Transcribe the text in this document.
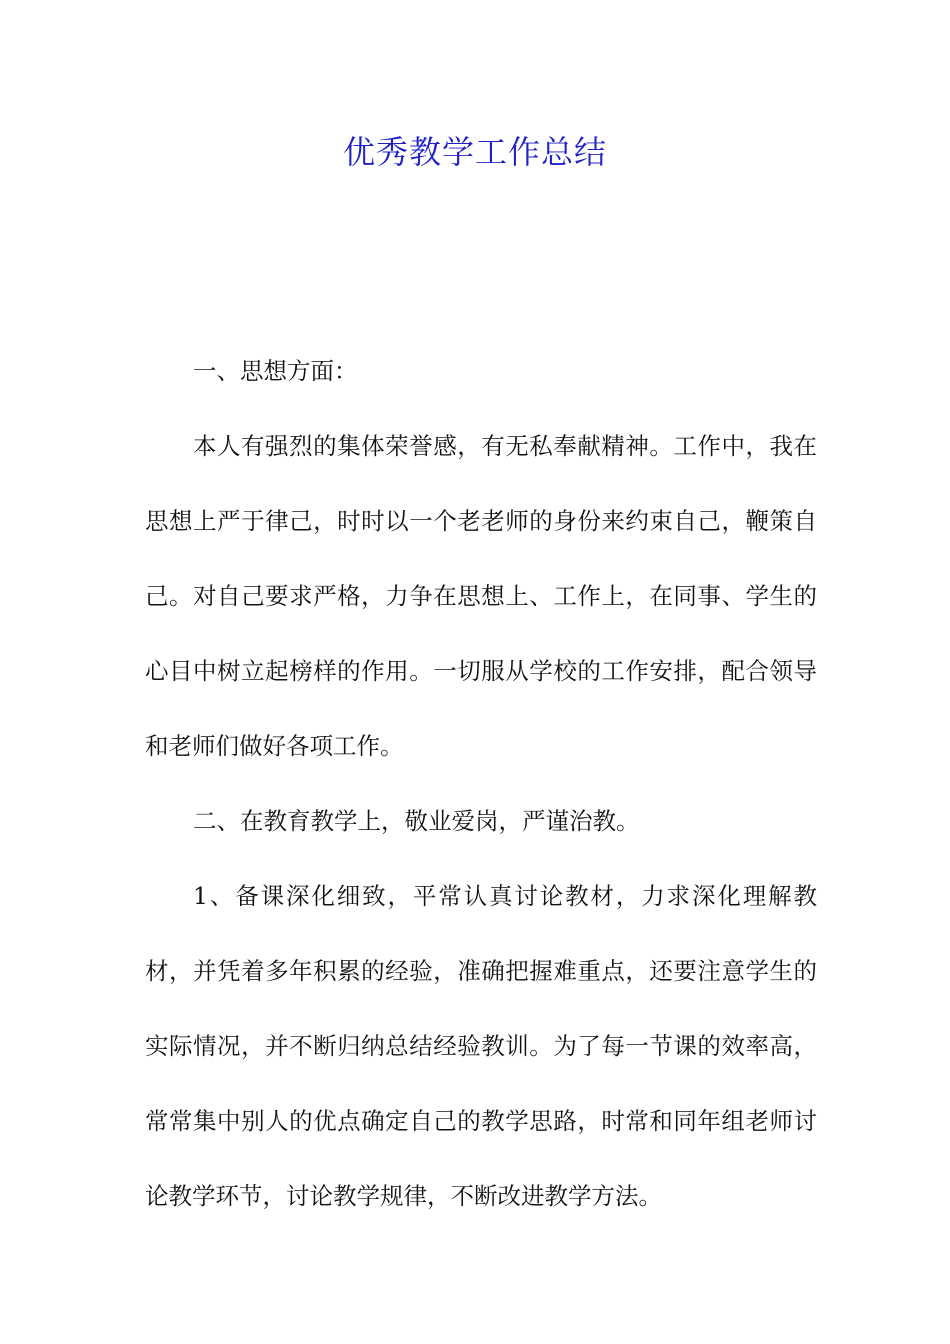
优秀教学工作总结

一、思想方面：

本人有强烈的集体荣誉感，有无私奉献精神。工作中，我在思想上严于律己，时时以一个老老师的身份来约束自己，鞭策自己。对自己要求严格，力争在思想上、工作上，在同事、学生的心目中树立起榜样的作用。一切服从学校的工作安排，配合领导和老师们做好各项工作。

二、在教育教学上，敬业爱岗，严谨治教。

1、备课深化细致，平常认真讨论教材，力求深化理解教材，并凭着多年积累的经验，准确把握难重点，还要注意学生的实际情况，并不断归纳总结经验教训。为了每一节课的效率高，常常集中别人的优点确定自己的教学思路，时常和同年组老师讨论教学环节，讨论教学规律，不断改进教学方法。
